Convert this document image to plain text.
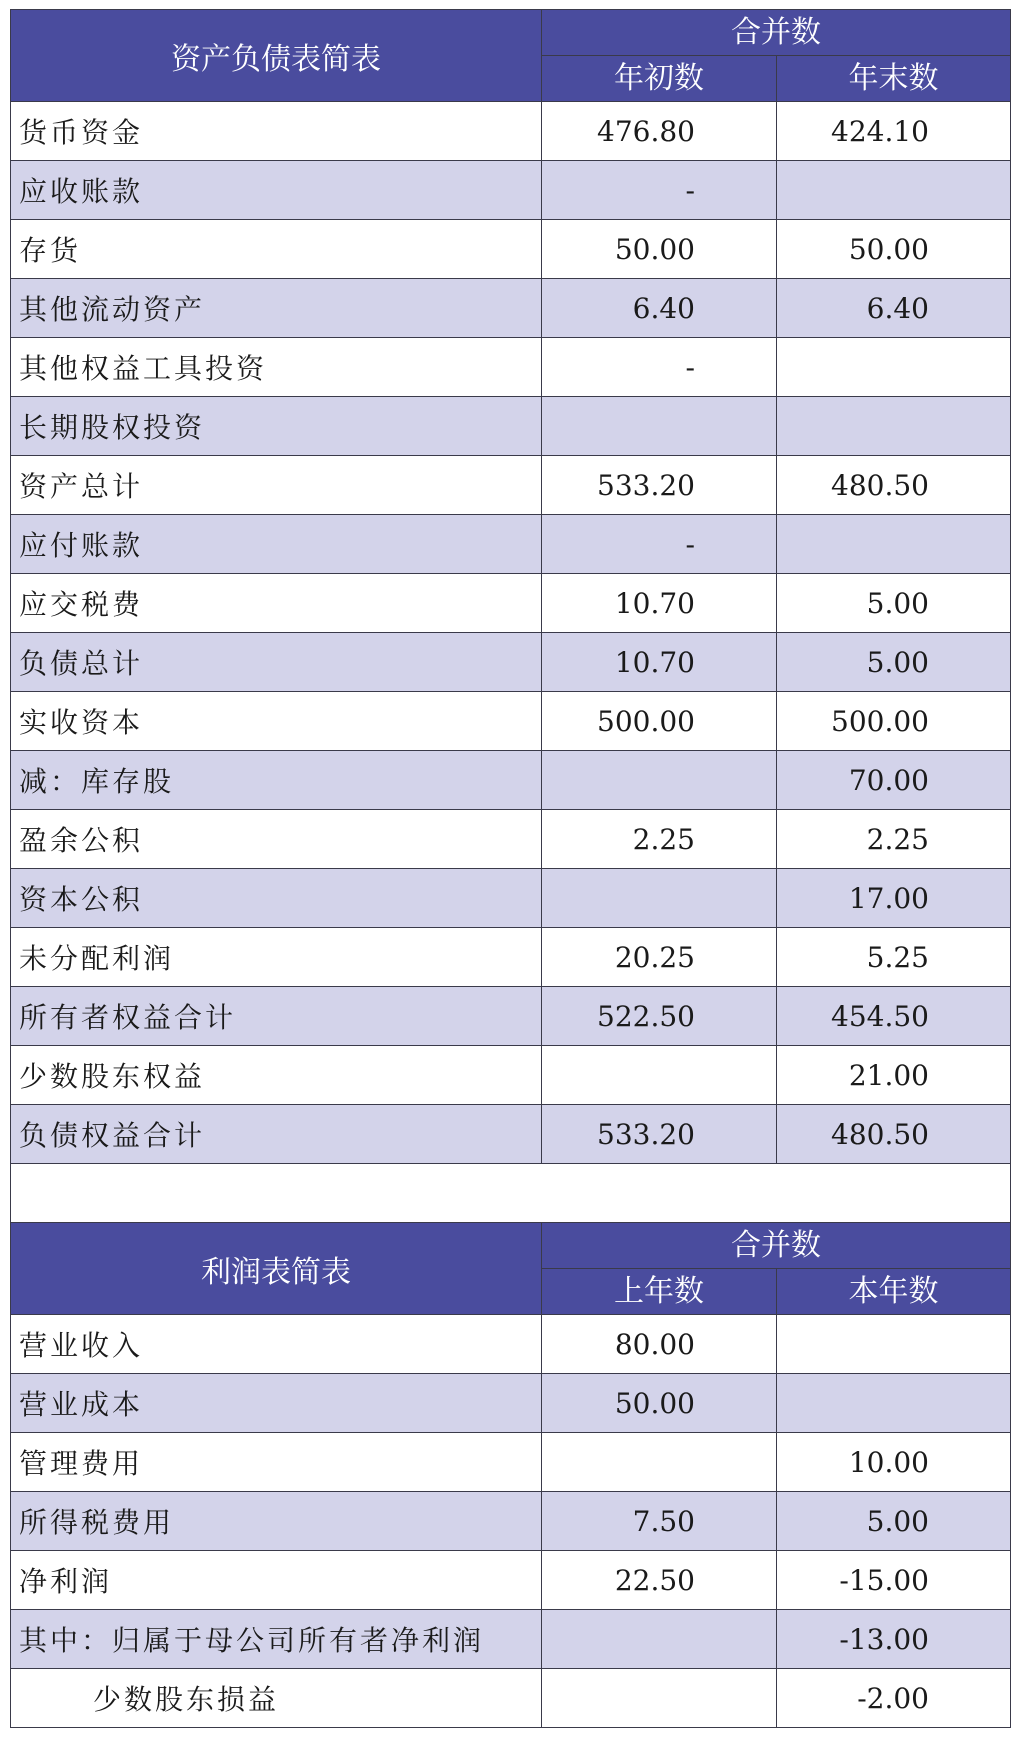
资产负债表简表	合并数	
	年初数	年末数
货币资金	476.80	424.10
应收账款	-	
存货	50.00	50.00
其他流动资产	6.40	6.40
其他权益工具投资	-	
长期股权投资		
资产总计	533.20	480.50
应付账款	-	
应交税费	10.70	5.00
负债总计	10.70	5.00
实收资本	500.00	500.00
减：库存股		70.00
盈余公积	2.25	2.25
资本公积		17.00
未分配利润	20.25	5.25
所有者权益合计	522.50	454.50
少数股东权益		21.00
负债权益合计	533.20	480.50

利润表简表	合并数	
	上年数	本年数
营业收入	80.00	
营业成本	50.00	
管理费用		10.00
所得税费用	7.50	5.00
净利润	22.50	-15.00
其中：归属于母公司所有者净利润		-13.00
少数股东损益		-2.00
